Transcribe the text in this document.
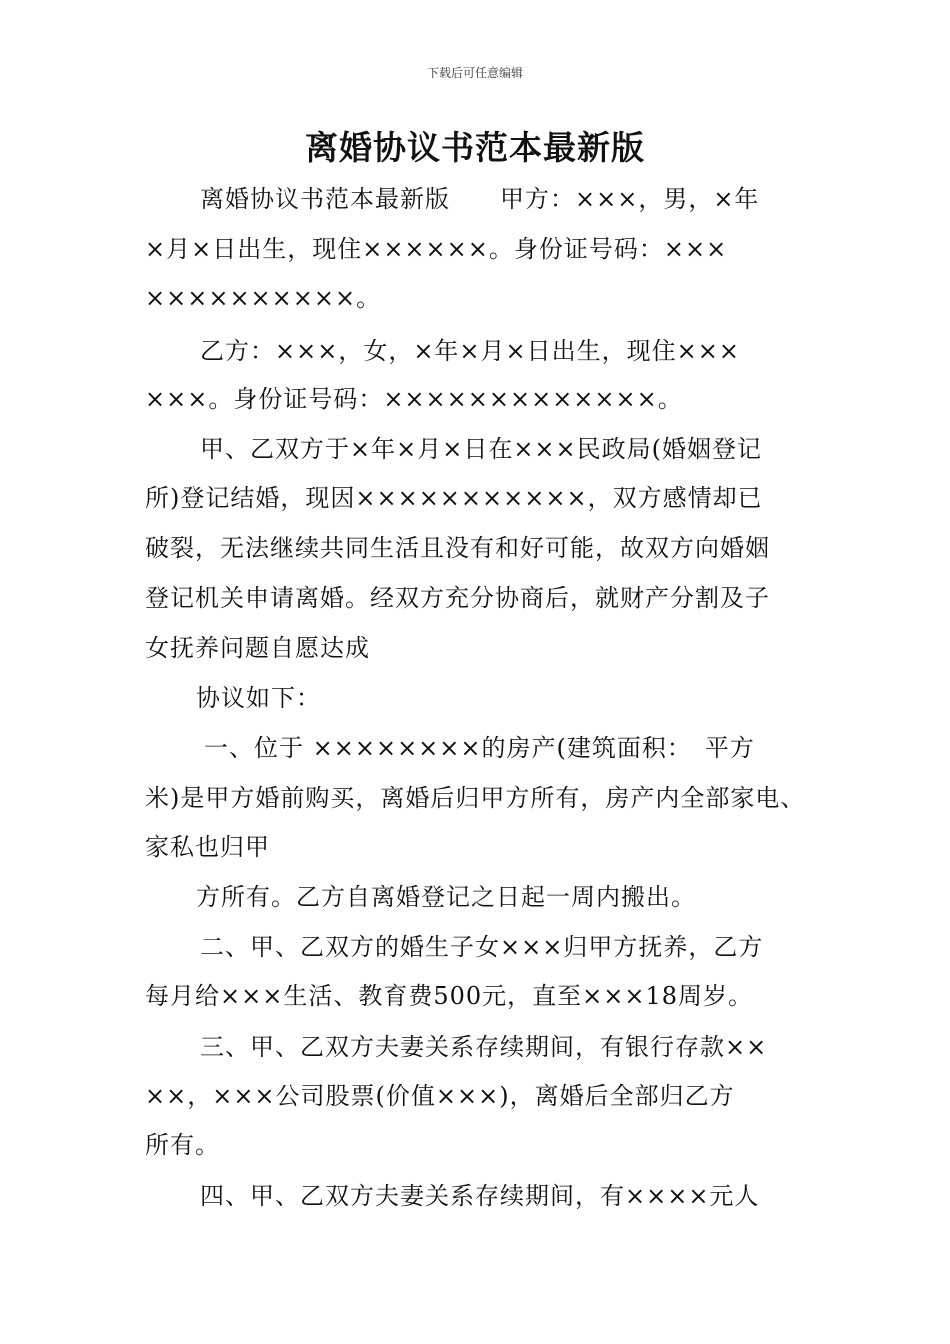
下载后可任意编辑
离婚协议书范本最新版
离婚协议书范本最新版　　甲方：×××，男，×年
×月×日出生，现住××××××。身份证号码：×××
××××××××××。
乙方：×××，女，×年×月×日出生，现住×××
×××。身份证号码：×××××××××××××。
甲、乙双方于×年×月×日在×××民政局(婚姻登记
所)登记结婚，现因×××××××××××，双方感情却已
破裂，无法继续共同生活且没有和好可能，故双方向婚姻
登记机关申请离婚。经双方充分协商后，就财产分割及子
女抚养问题自愿达成
协议如下：
一、位于 ××××××××的房产(建筑面积：　平方
米)是甲方婚前购买，离婚后归甲方所有，房产内全部家电、
家私也归甲
方所有。乙方自离婚登记之日起一周内搬出。
二、甲、乙双方的婚生子女×××归甲方抚养，乙方
每月给×××生活、教育费500元，直至×××18周岁。
三、甲、乙双方夫妻关系存续期间，有银行存款××
××，×××公司股票(价值×××)，离婚后全部归乙方
所有。
四、甲、乙双方夫妻关系存续期间，有××××元人
